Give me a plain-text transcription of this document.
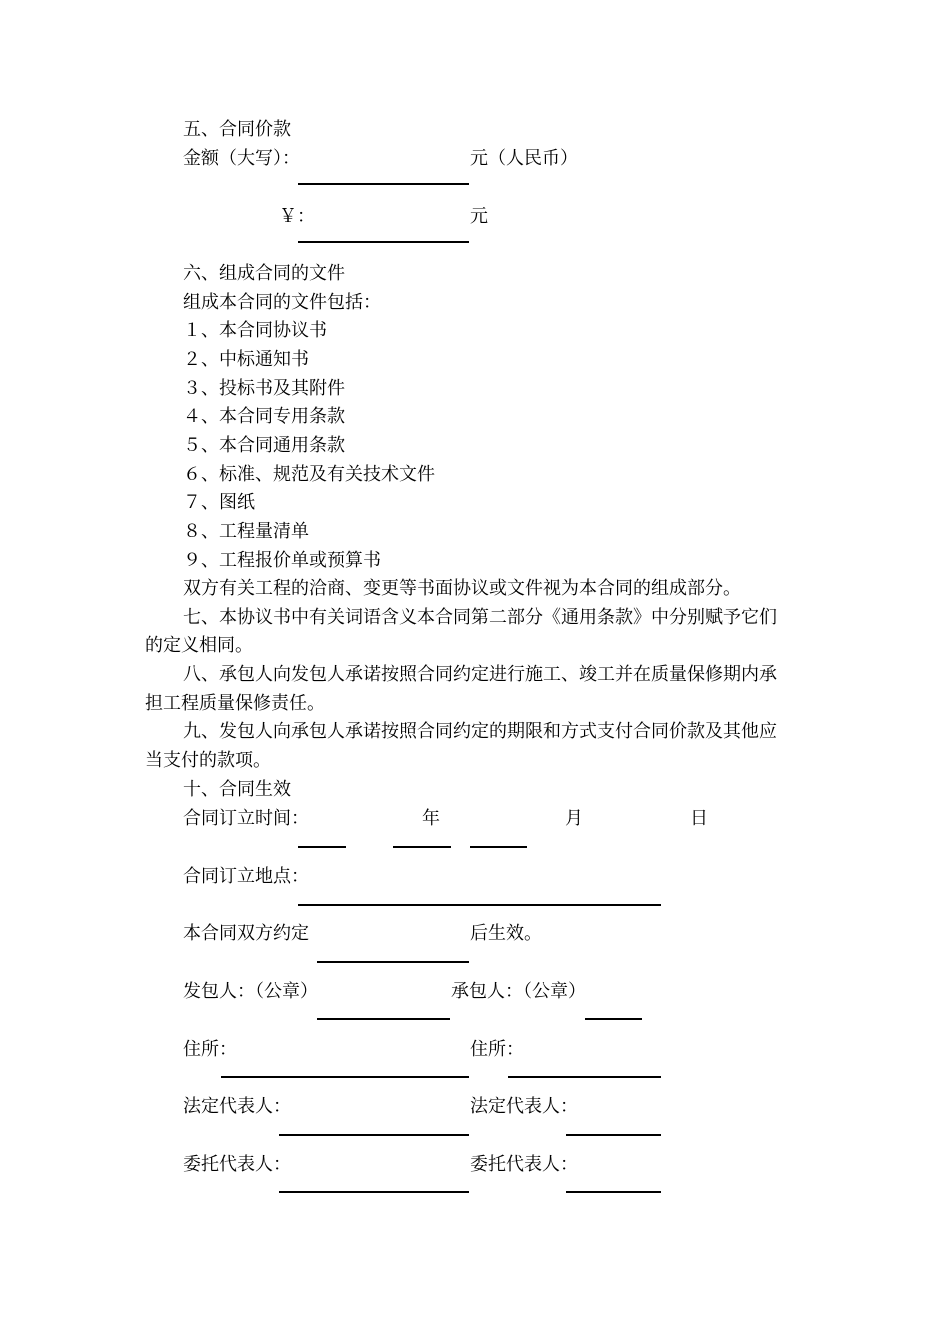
五、合同价款
金额（大写）：	元（人民币）
￥：	元
六、组成合同的文件
组成本合同的文件包括：
１、本合同协议书
２、中标通知书
３、投标书及其附件
４、本合同专用条款
５、本合同通用条款
６、标准、规范及有关技术文件
７、图纸
８、工程量清单
９、工程报价单或预算书
双方有关工程的洽商、变更等书面协议或文件视为本合同的组成部分。
七、本协议书中有关词语含义本合同第二部分《通用条款》中分别赋予它们
的定义相同。
八、承包人向发包人承诺按照合同约定进行施工、竣工并在质量保修期内承
担工程质量保修责任。
九、发包人向承包人承诺按照合同约定的期限和方式支付合同价款及其他应
当支付的款项。
十、合同生效
合同订立时间：	年	月	日
合同订立地点：
本合同双方约定	后生效。
发包人：（公章）	承包人：（公章）
住所：	住所：
法定代表人：	法定代表人：
委托代表人：	委托代表人：
